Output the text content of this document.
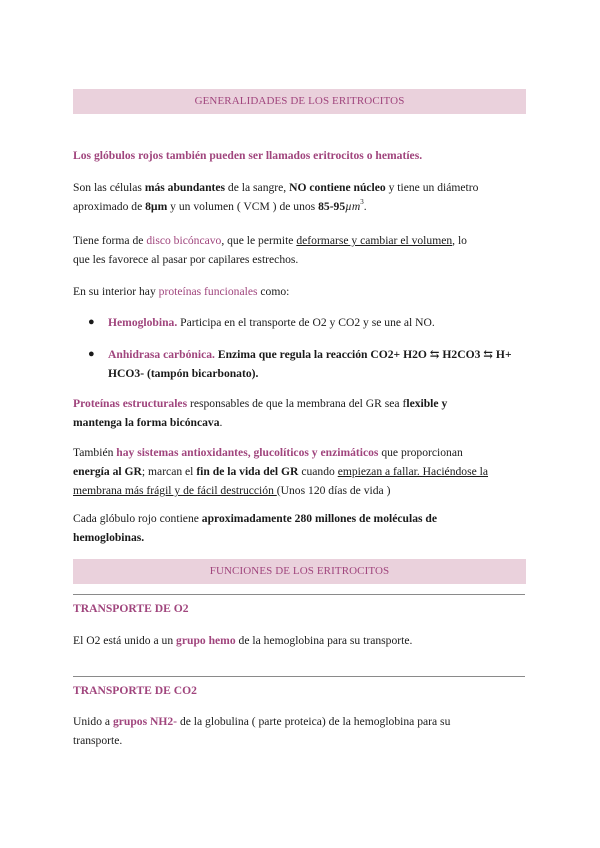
GENERALIDADES DE LOS ERITROCITOS
Los glóbulos rojos también pueden ser llamados eritrocitos o hematíes.
Son las células más abundantes de la sangre, NO contiene núcleo y tiene un diámetro
aproximado de 8µm y un volumen ( VCM ) de unos 85-95µm$^3$.
Tiene forma de disco bicóncavo, que le permite deformarse y cambiar el volumen, lo
que les favorece al pasar por capilares estrechos.
En su interior hay proteínas funcionales como:
● Hemoglobina. Participa en el transporte de O2 y CO2 y se une al NO.
● Anhidrasa carbónica. Enzima que regula la reacción CO2+ H2O ⇆ H2CO3 ⇆ H+
HCO3- (tampón bicarbonato).
Proteínas estructurales responsables de que la membrana del GR sea flexible y
mantenga la forma bicóncava.
También hay sistemas antioxidantes, glucolíticos y enzimáticos que proporcionan
energía al GR; marcan el fin de la vida del GR cuando empiezan a fallar. Haciéndose la
membrana más frágil y de fácil destrucción (Unos 120 días de vida )
Cada glóbulo rojo contiene aproximadamente 280 millones de moléculas de
hemoglobinas.
FUNCIONES DE LOS ERITROCITOS
TRANSPORTE DE O2
El O2 está unido a un grupo hemo de la hemoglobina para su transporte.
TRANSPORTE DE CO2
Unido a grupos NH2- de la globulina ( parte proteica) de la hemoglobina para su
transporte.
